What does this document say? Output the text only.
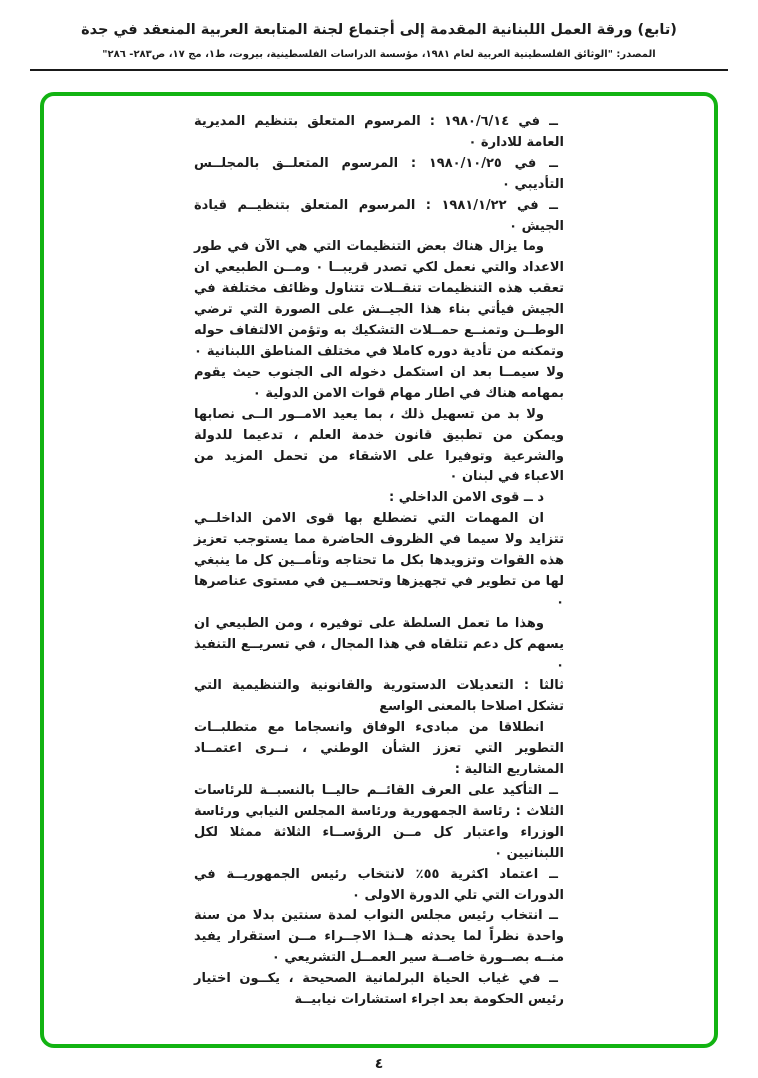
(تابع) ورقة العمل اللبنانية المقدمة إلى أجتماع لجنة المتابعة العربية المنعقد في جدة
المصدر: "الوثائق الفلسطينية العربية لعام ١٩٨١، مؤسسة الدراسات الفلسطينية، بيروت، ط١، مج ١٧، ص٢٨٣- ٢٨٦"

ــ في ١٩٨٠/٦/١٤ : المرسوم المتعلق بتنظيم المديرية العامة للادارة ٠

ــ في ١٩٨٠/١٠/٢٥ : المرسوم المتعلــق بالمجلــس التأديبي ٠

ــ في ١٩٨١/١/٢٢ : المرسوم المتعلق بتنظيــم قيادة الجيش ٠

وما يزال هناك بعض التنظيمات التي هي الآن في طور الاعداد والتي نعمل لكي تصدر قريبــا ٠ ومــن الطبيعي ان تعقب هذه التنظيمات تنقــلات تتناول وظائف مختلفة في الجيش فيأتي بناء هذا الجيــش على الصورة التي ترضي الوطــن وتمنــع حمــلات التشكيك به وتؤمن الالتفاف حوله وتمكنه من تأدية دوره كاملا في مختلف المناطق اللبنانية ٠ ولا سيمــا بعد ان استكمل دخوله الى الجنوب حيث يقوم بمهامه هناك في اطار مهام قوات الامن الدولية ٠

ولا بد من تسهيل ذلك ، بما يعيد الامــور الــى نصابها ويمكن من تطبيق قانون خدمة العلم ، تدعيما للدولة والشرعية وتوفيرا على الاشقاء من تحمل المزيد من الاعباء في لبنان ٠

د ــ قوى الامن الداخلي :

ان المهمات التي تضطلع بها قوى الامن الداخلــي تتزايد ولا سيما في الظروف الحاضرة مما يستوجب تعزيز هذه القوات وتزويدها بكل ما تحتاجه وتأمــين كل ما ينبغي لها من تطوير في تجهيزها وتحســين في مستوى عناصرها ٠

وهذا ما تعمل السلطة على توفيره ، ومن الطبيعي ان يسهم كل دعم تتلقاه في هذا المجال ، في تسريــع التنفيذ ٠

ثالثا : التعديلات الدستورية والقانونية والتنظيمية التي تشكل اصلاحا بالمعنى الواسع

انطلاقا من مبادىء الوفاق وانسجاما مع متطلبــات التطوير التي تعزز الشأن الوطني ، نــرى اعتمــاد المشاريع التالية :

ــ التأكيد على العرف القائــم حاليــا بالنسبــة للرئاسات الثلاث : رئاسة الجمهورية ورئاسة المجلس النيابي ورئاسة الوزراء واعتبار كل مــن الرؤســاء الثلاثة ممثلا لكل اللبنانيين ٠

ــ اعتماد اكثرية ٥٥٪ لانتخاب رئيس الجمهوريــة في الدورات التي تلي الدورة الاولى ٠

ــ انتخاب رئيس مجلس النواب لمدة سنتين بدلا من سنة واحدة نظراً لما يحدثه هــذا الاجــراء مــن استقرار يفيد منــه بصــورة خاصــة سير العمــل التشريعي ٠

ــ في غياب الحياة البرلمانية الصحيحة ، يكــون اختيار رئيس الحكومة بعد اجراء استشارات نيابيــة

٤
